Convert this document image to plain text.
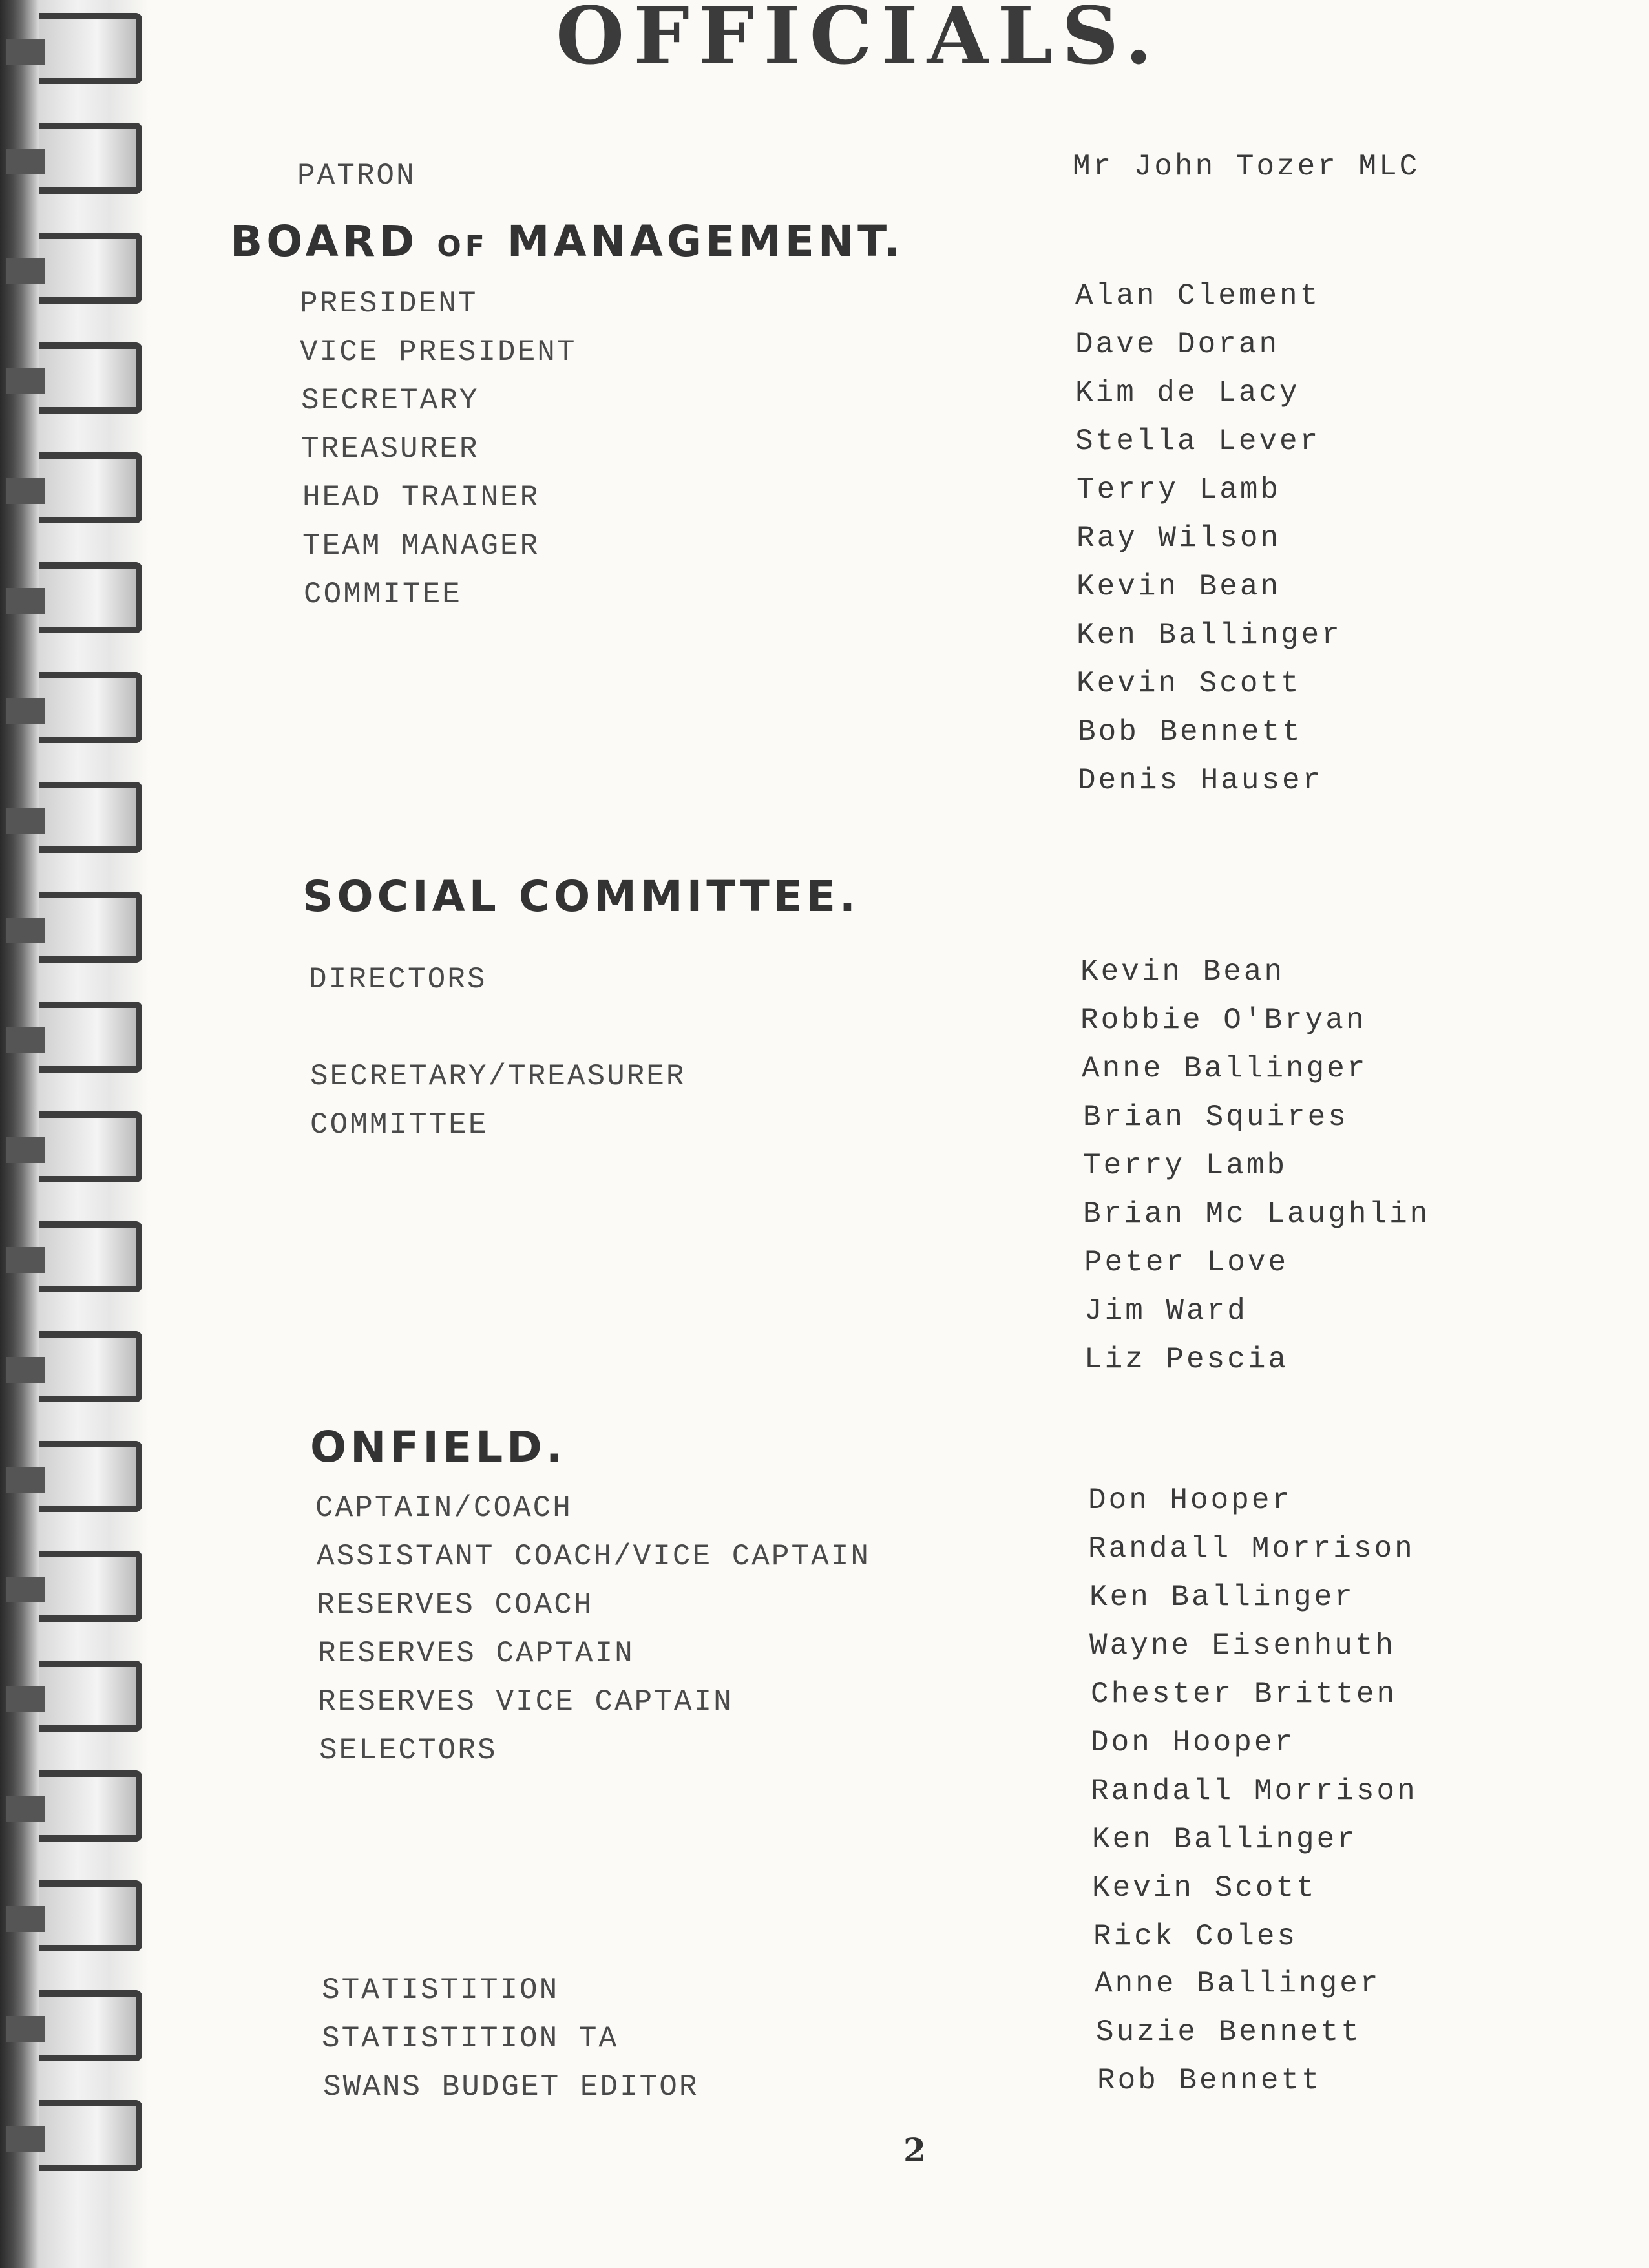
OFFICIALS.

PATRON	Mr John Tozer MLC

BOARD OF MANAGEMENT.

PRESIDENT

VICE PRESIDENT

SECRETARY

TREASURER

HEAD TRAINER

TEAM MANAGER

COMMITEE

Alan Clement

Dave Doran

Kim de Lacy

Stella Lever

Terry Lamb

Ray Wilson

Kevin Bean

Ken Ballinger

Kevin Scott

Bob Bennett

Denis Hauser

SOCIAL COMMITTEE.

DIRECTORS

SECRETARY/TREASURER

COMMITTEE

Kevin Bean

Robbie O'Bryan

Anne Ballinger

Brian Squires

Terry Lamb

Brian Mc Laughlin

Peter Love

Jim Ward

Liz Pescia

ONFIELD.

CAPTAIN/COACH

ASSISTANT COACH/VICE CAPTAIN

RESERVES COACH

RESERVES CAPTAIN

RESERVES VICE CAPTAIN

SELECTORS

Don Hooper

Randall Morrison

Ken Ballinger

Wayne Eisenhuth

Chester Britten

Don Hooper

Randall Morrison

Ken Ballinger

Kevin Scott

Rick Coles

STATISTITION

STATISTITION TA

SWANS BUDGET EDITOR

Anne Ballinger

Suzie Bennett

Rob Bennett

2
